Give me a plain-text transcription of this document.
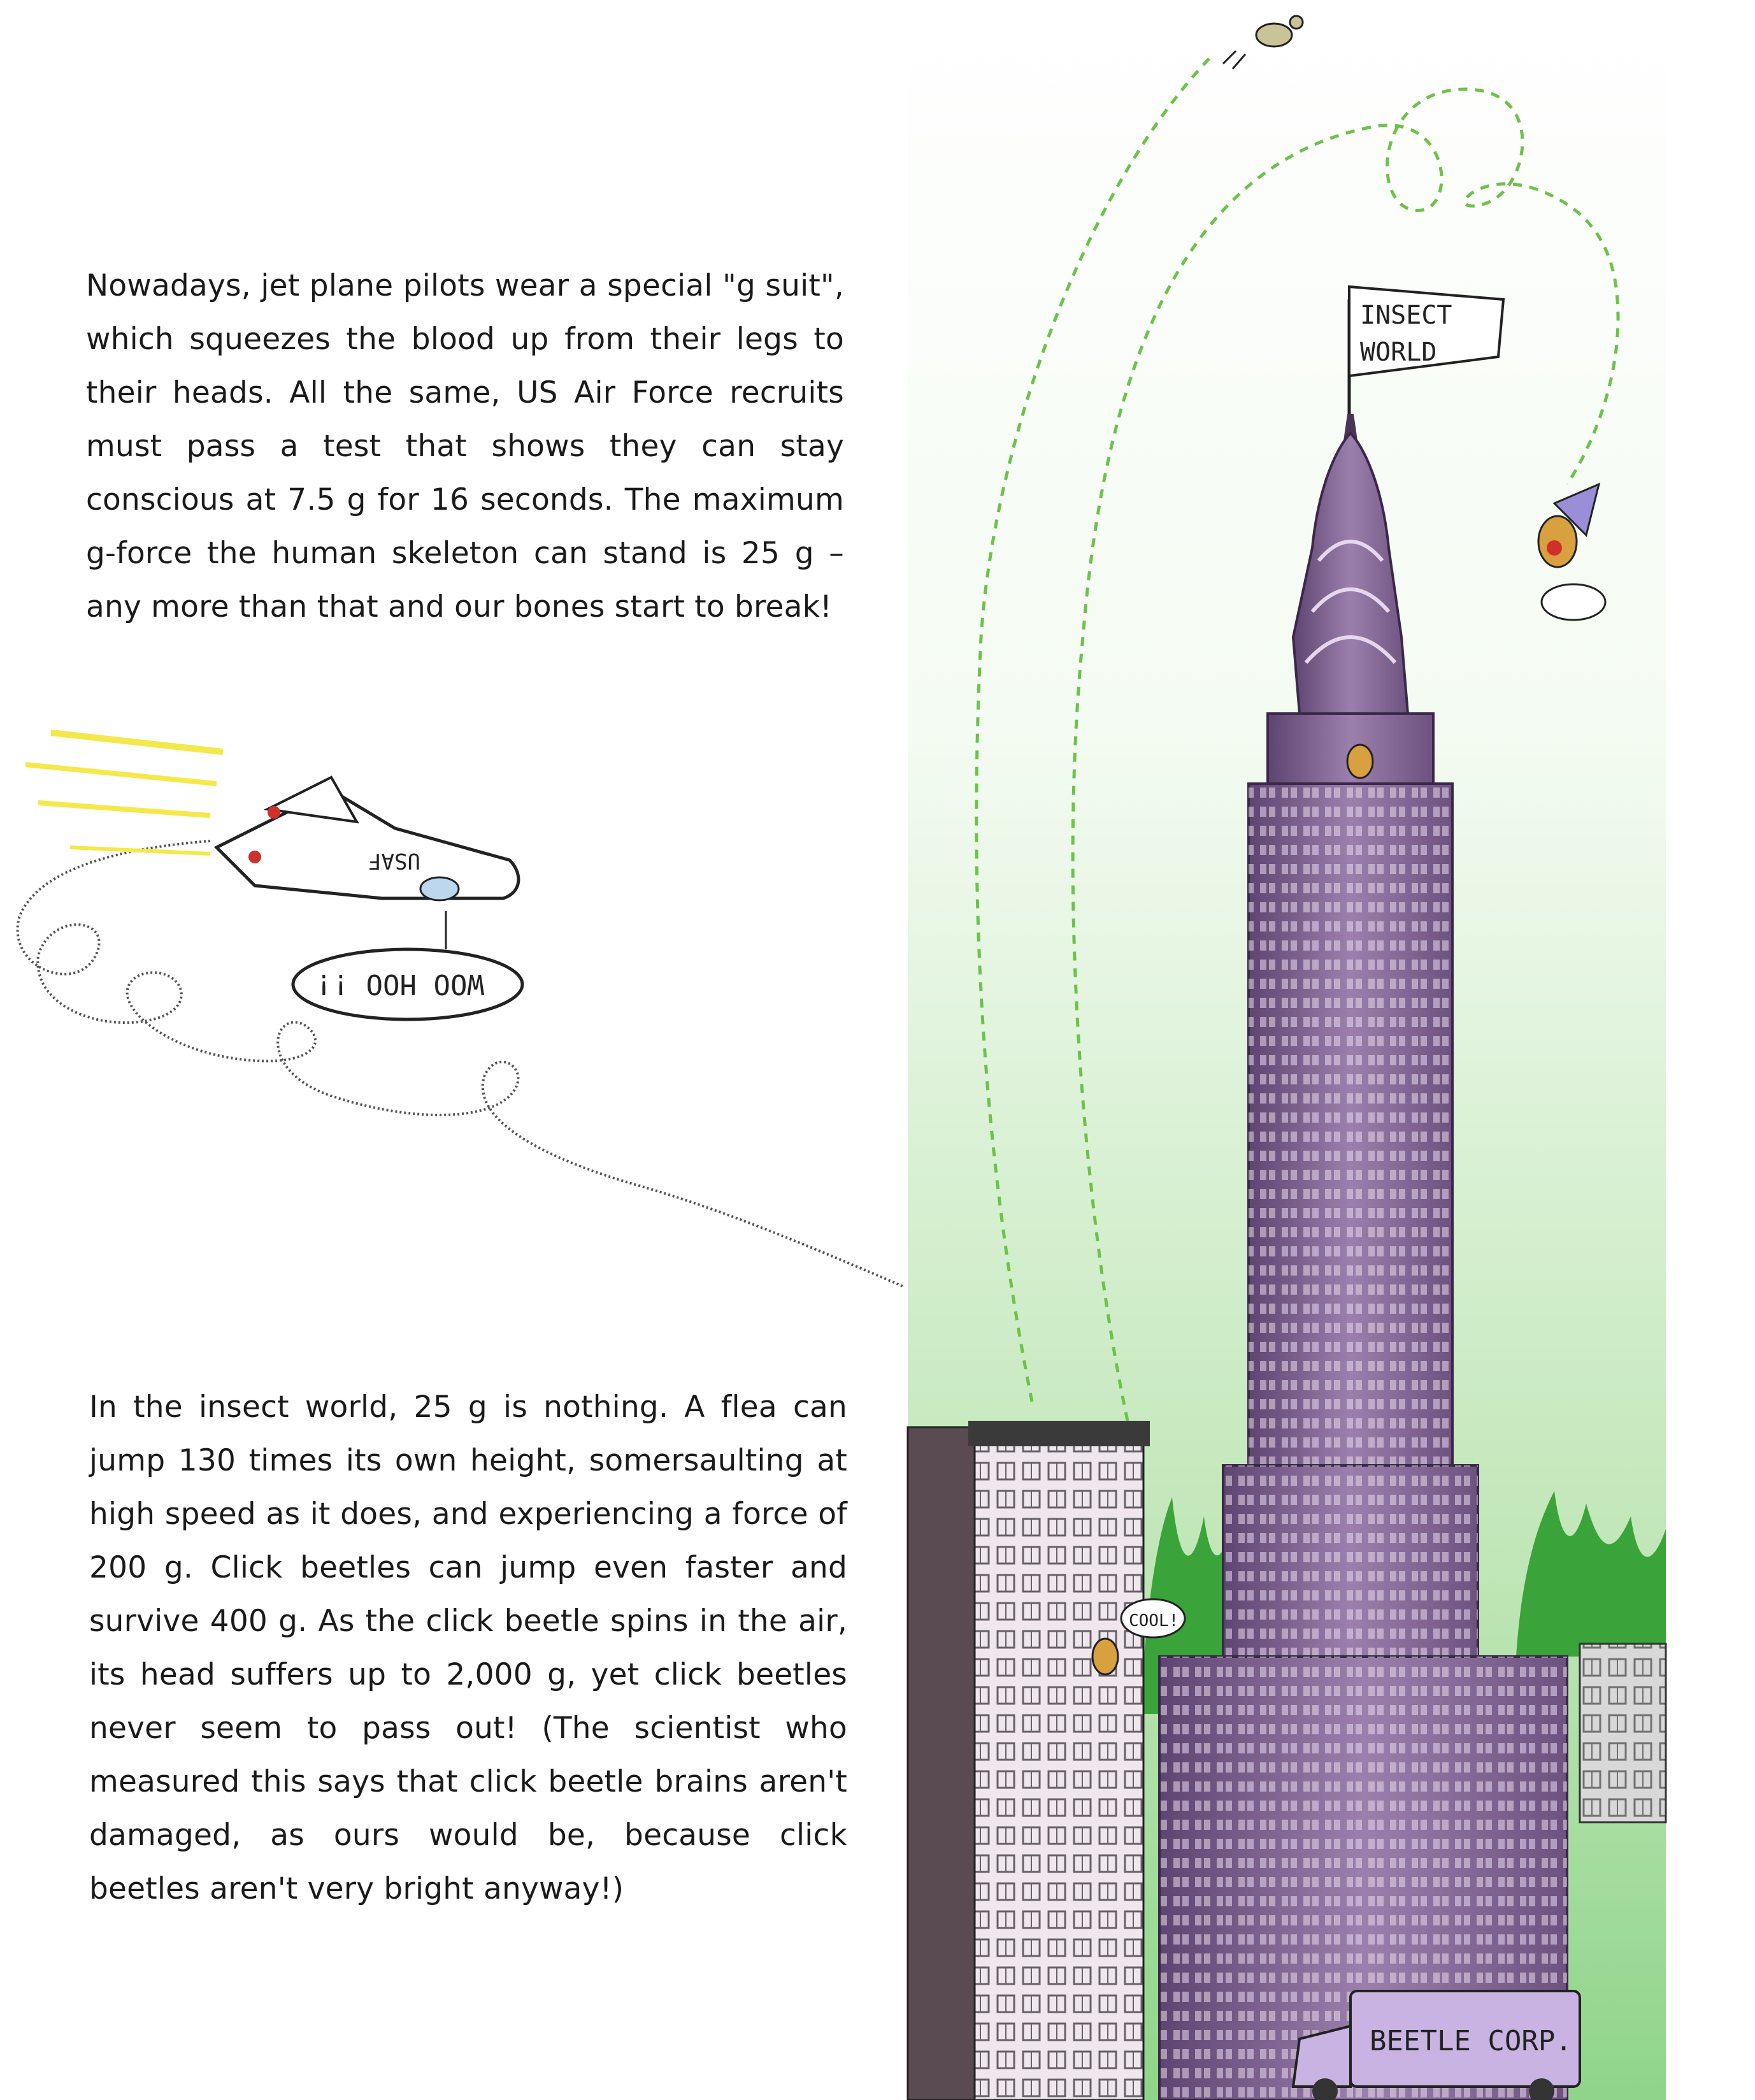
INSECT
WORLD
COOL!
BEETLE CORP.
USAF
WOO HOO !!

Nowadays, jet plane pilots wear a special "g suit", which squeezes the blood up from their legs to their heads. All the same, US Air Force recruits must pass a test that shows they can stay conscious at 7.5 g for 16 seconds. The maximum g-force the human skeleton can stand is 25 g – any more than that and our bones start to break!

In the insect world, 25 g is nothing. A flea can jump 130 times its own height, somersaulting at high speed as it does, and experiencing a force of 200 g. Click beetles can jump even faster and survive 400 g. As the click beetle spins in the air, its head suffers up to 2,000 g, yet click beetles never seem to pass out! (The scientist who measured this says that click beetle brains aren't damaged, as ours would be, because click beetles aren't very bright anyway!)
